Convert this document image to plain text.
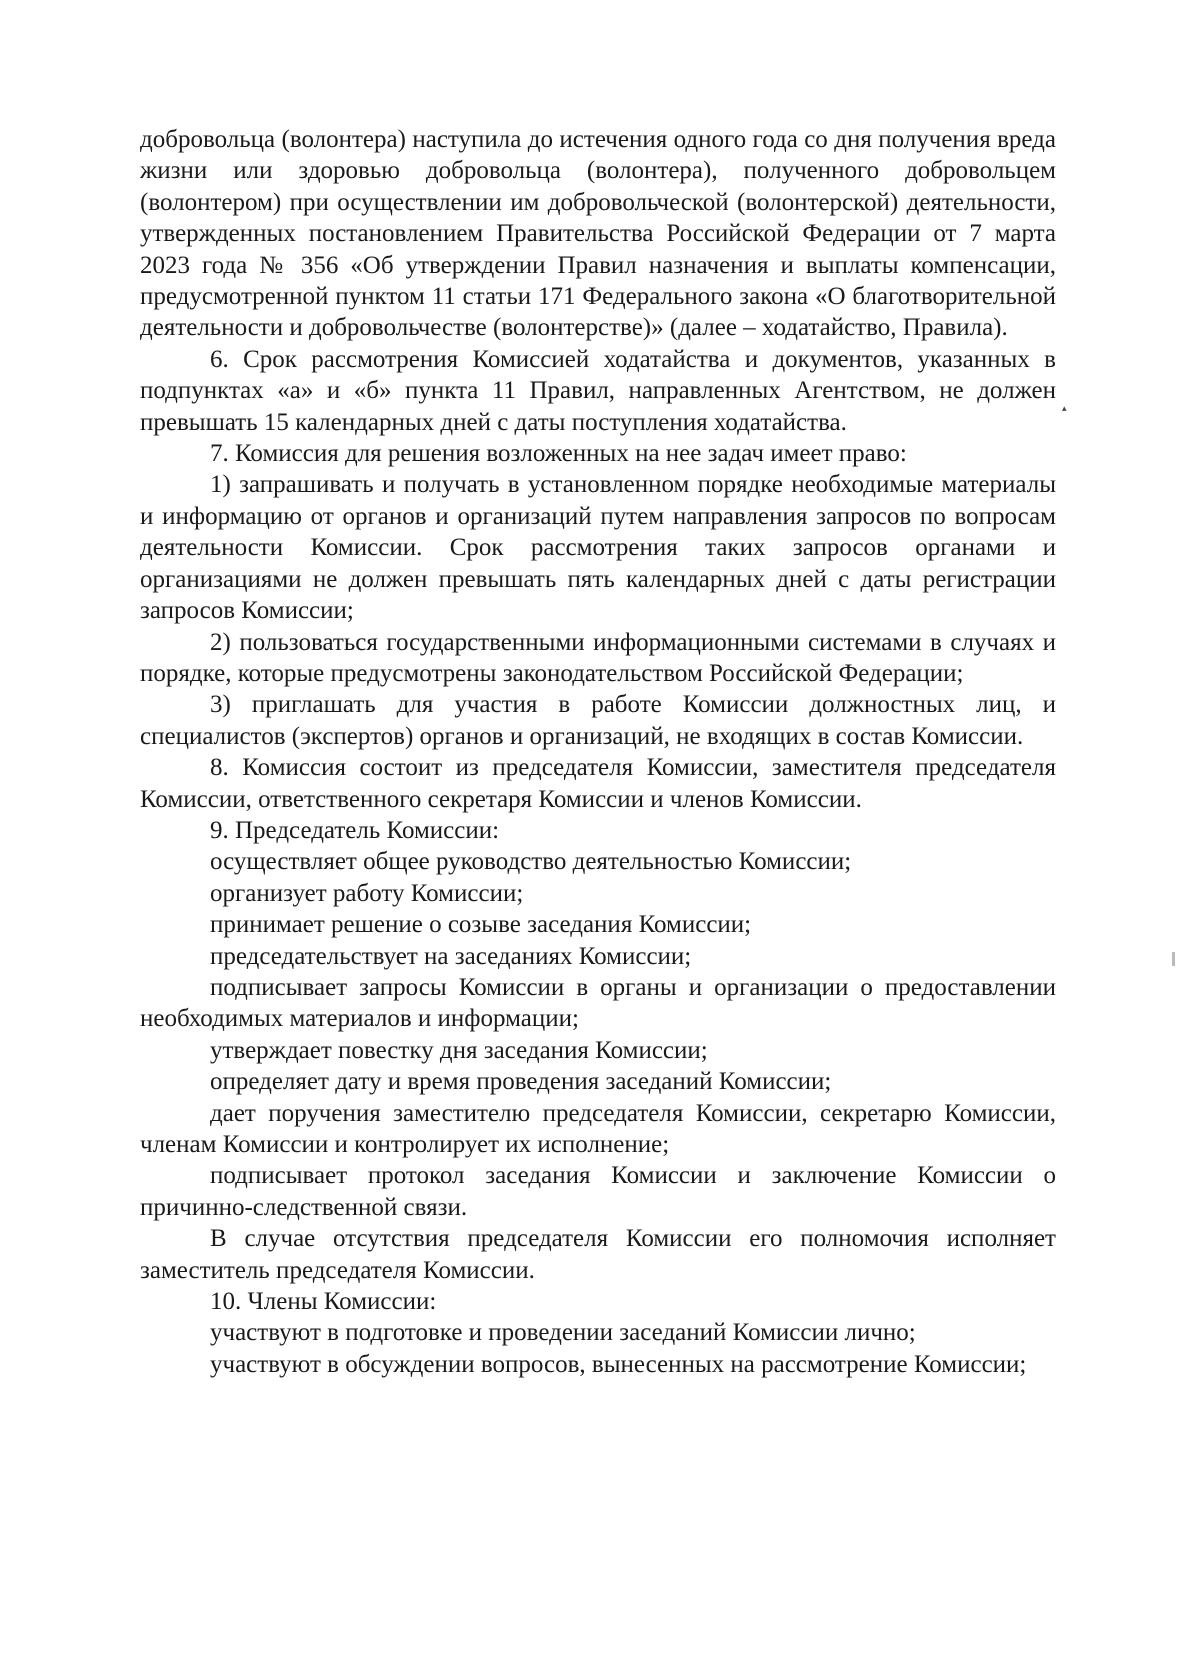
добровольца (волонтера) наступила до истечения одного года со дня получения вреда жизни или здоровью добровольца (волонтера), полученного добровольцем (волонтером) при осуществлении им добровольческой (волонтерской) деятельности, утвержденных постановлением Правительства Российской Федерации от 7 марта 2023 года № 356 «Об утверждении Правил назначения и выплаты компенсации, предусмотренной пунктом 11 статьи 171 Федерального закона «О благотворительной деятельности и добровольчестве (волонтерстве)» (далее – ходатайство, Правила).

6. Срок рассмотрения Комиссией ходатайства и документов, указанных в подпунктах «а» и «б» пункта 11 Правил, направленных Агентством, не должен превышать 15 календарных дней с даты поступления ходатайства.

7. Комиссия для решения возложенных на нее задач имеет право:

1) запрашивать и получать в установленном порядке необходимые материалы и информацию от органов и организаций путем направления запросов по вопросам деятельности Комиссии. Срок рассмотрения таких запросов органами и организациями не должен превышать пять календарных дней с даты регистрации запросов Комиссии;

2) пользоваться государственными информационными системами в случаях и порядке, которые предусмотрены законодательством Российской Федерации;

3) приглашать для участия в работе Комиссии должностных лиц, и специалистов (экспертов) органов и организаций, не входящих в состав Комиссии.

8. Комиссия состоит из председателя Комиссии, заместителя председателя Комиссии, ответственного секретаря Комиссии и членов Комиссии.

9. Председатель Комиссии:

осуществляет общее руководство деятельностью Комиссии;

организует работу Комиссии;

принимает решение о созыве заседания Комиссии;

председательствует на заседаниях Комиссии;

подписывает запросы Комиссии в органы и организации о предоставлении необходимых материалов и информации;

утверждает повестку дня заседания Комиссии;

определяет дату и время проведения заседаний Комиссии;

дает поручения заместителю председателя Комиссии, секретарю Комиссии, членам Комиссии и контролирует их исполнение;

подписывает протокол заседания Комиссии и заключение Комиссии о причинно-следственной связи.

В случае отсутствия председателя Комиссии его полномочия исполняет заместитель председателя Комиссии.

10. Члены Комиссии:

участвуют в подготовке и проведении заседаний Комиссии лично;

участвуют в обсуждении вопросов, вынесенных на рассмотрение Комиссии;

▴
